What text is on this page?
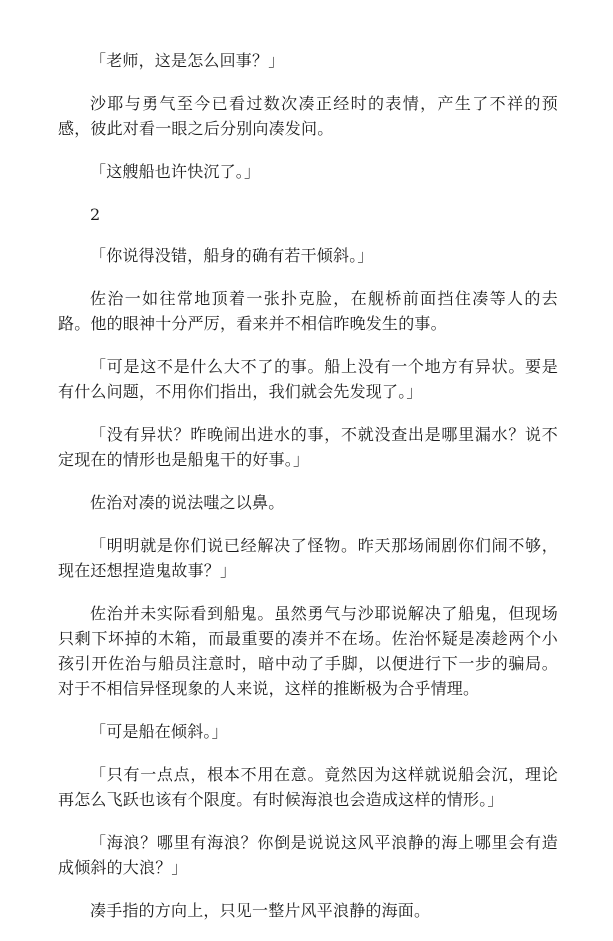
「老师，这是怎么回事？」

沙耶与勇气至今已看过数次凑正经时的表情，产生了不祥的预感，彼此对看一眼之后分别向凑发问。

「这艘船也许快沉了。」

2

「你说得没错，船身的确有若干倾斜。」

佐治一如往常地顶着一张扑克脸，在舰桥前面挡住凑等人的去路。他的眼神十分严厉，看来并不相信昨晚发生的事。

「可是这不是什么大不了的事。船上没有一个地方有异状。要是有什么问题，不用你们指出，我们就会先发现了。」

「没有异状？昨晚闹出进水的事，不就没查出是哪里漏水？说不定现在的情形也是船鬼干的好事。」

佐治对凑的说法嗤之以鼻。

「明明就是你们说已经解决了怪物。昨天那场闹剧你们闹不够，现在还想捏造鬼故事？」

佐治并未实际看到船鬼。虽然勇气与沙耶说解决了船鬼，但现场只剩下坏掉的木箱，而最重要的凑并不在场。佐治怀疑是凑趁两个小孩引开佐治与船员注意时，暗中动了手脚，以便进行下一步的骗局。对于不相信异怪现象的人来说，这样的推断极为合乎情理。

「可是船在倾斜。」

「只有一点点，根本不用在意。竟然因为这样就说船会沉，理论再怎么飞跃也该有个限度。有时候海浪也会造成这样的情形。」

「海浪？哪里有海浪？你倒是说说这风平浪静的海上哪里会有造成倾斜的大浪？」

凑手指的方向上，只见一整片风平浪静的海面。
